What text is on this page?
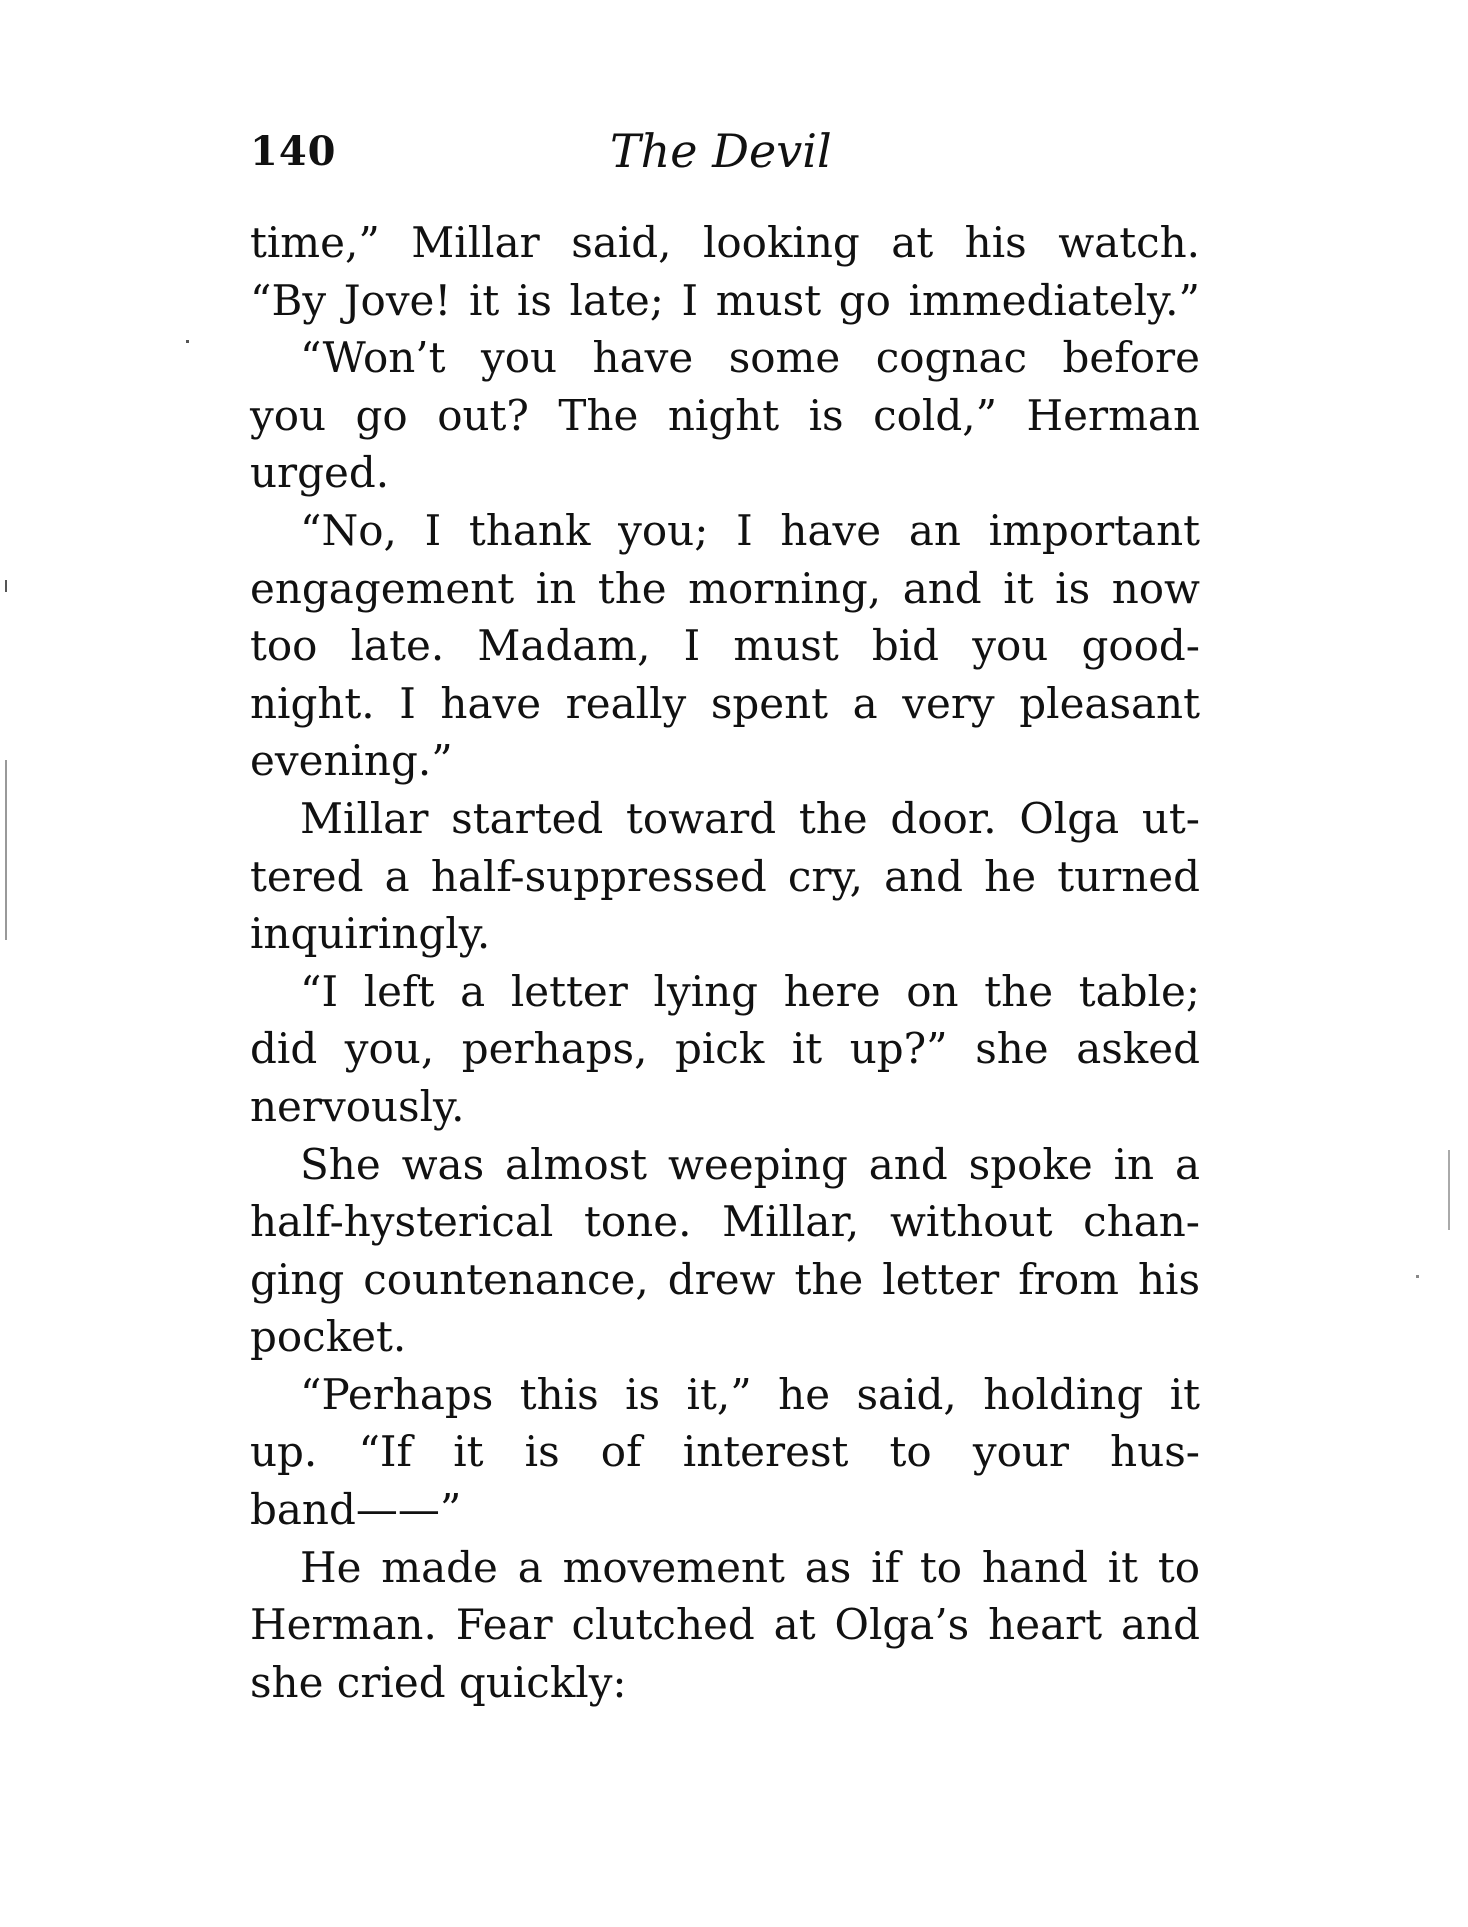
140	The Devil
time,” Millar said, looking at his watch.
“By Jove! it is late; I must go immediately.”
“Won’t you have some cognac before
you go out? The night is cold,” Herman
urged.
“No, I thank you; I have an important
engagement in the morning, and it is now
too late. Madam, I must bid you good-
night. I have really spent a very pleasant
evening.”
Millar started toward the door. Olga ut-
tered a half-suppressed cry, and he turned
inquiringly.
“I left a letter lying here on the table;
did you, perhaps, pick it up?” she asked
nervously.
She was almost weeping and spoke in a
half-hysterical tone. Millar, without chan-
ging countenance, drew the letter from his
pocket.
“Perhaps this is it,” he said, holding it
up. “If it is of interest to your hus-
band——”
He made a movement as if to hand it to
Herman. Fear clutched at Olga’s heart and
she cried quickly:
